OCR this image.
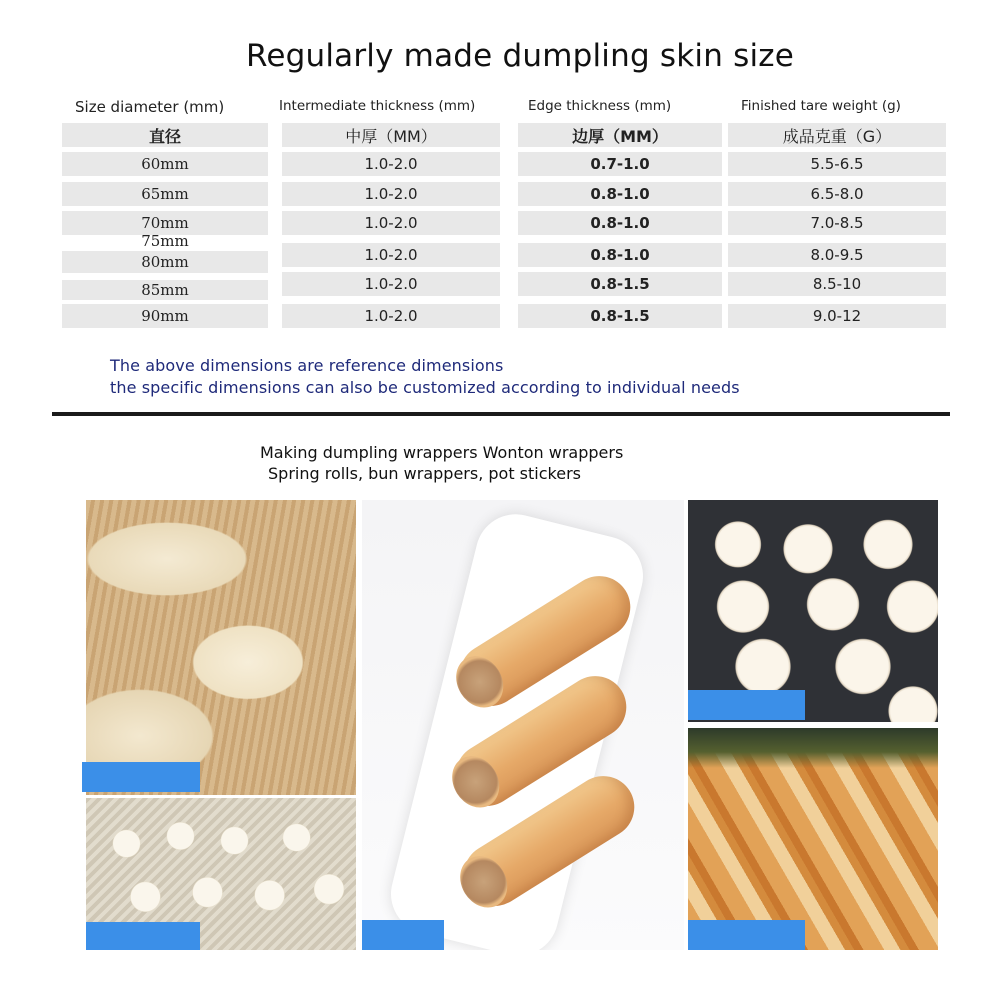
Regularly made dumpling skin size
Size diameter (mm)	Intermediate thickness (mm)	Edge thickness (mm)	Finished tare weight (g)
直径	中厚（MM）	边厚（MM）	成品克重（G）
60mm	1.0-2.0	0.7-1.0	5.5-6.5
65mm	1.0-2.0	0.8-1.0	6.5-8.0
70mm	1.0-2.0	0.8-1.0	7.0-8.5
75mm
80mm	1.0-2.0	0.8-1.0	8.0-9.5
85mm	1.0-2.0	0.8-1.5	8.5-10
90mm	1.0-2.0	0.8-1.5	9.0-12
The above dimensions are reference dimensions
the specific dimensions can also be customized according to individual needs
Making dumpling wrappers Wonton wrappers
Spring rolls, bun wrappers, pot stickers
